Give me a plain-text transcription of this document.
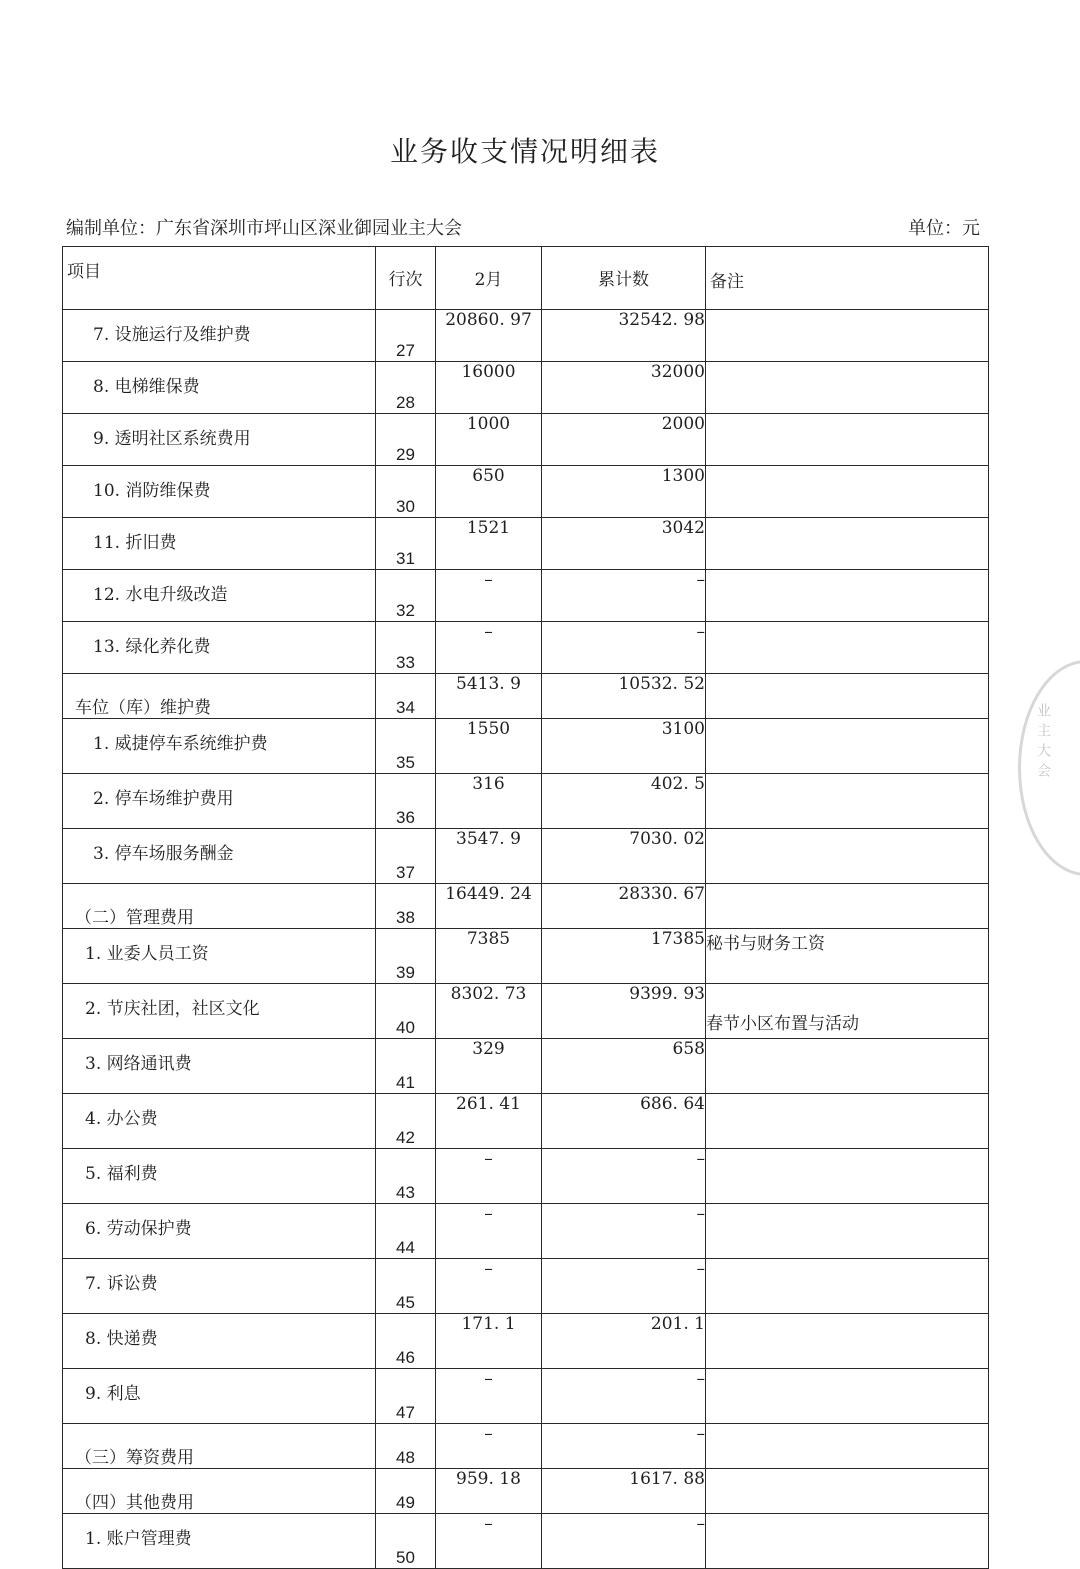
业务收支情况明细表
编制单位：广东省深圳市坪山区深业御园业主大会	单位：元
项目	行次	2月	累计数	备注
7. 设施运行及维护费	27	20860. 97	32542. 98	
8. 电梯维保费	28	16000	32000	
9. 透明社区系统费用	29	1000	2000	
10. 消防维保费	30	650	1300	
11. 折旧费	31	1521	3042	
12. 水电升级改造	32	–	–	
13. 绿化养化费	33	–	–	
车位（库）维护费	34	5413. 9	10532. 52	
1. 威捷停车系统维护费	35	1550	3100	
2. 停车场维护费用	36	316	402. 5	
3. 停车场服务酬金	37	3547. 9	7030. 02	
（二）管理费用	38	16449. 24	28330. 67	
1. 业委人员工资	39	7385	17385	秘书与财务工资
2. 节庆社团，社区文化	40	8302. 73	9399. 93	春节小区布置与活动
3. 网络通讯费	41	329	658	
4. 办公费	42	261. 41	686. 64	
5. 福利费	43	–	–	
6. 劳动保护费	44	–	–	
7. 诉讼费	45	–	–	
8. 快递费	46	171. 1	201. 1	
9. 利息	47	–	–	
（三）筹资费用	48	–	–	
（四）其他费用	49	959. 18	1617. 88	
1. 账户管理费	50	–	–	
业主大会
